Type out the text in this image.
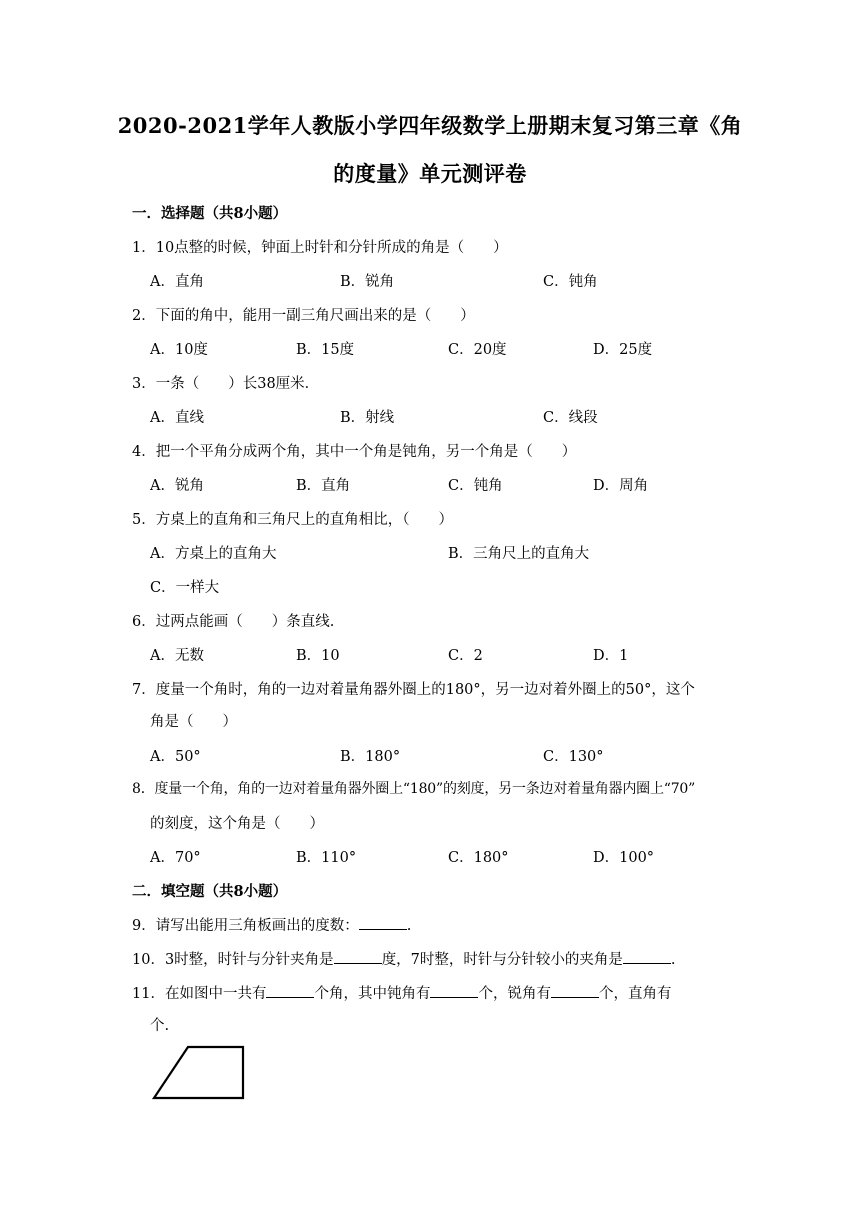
2020-2021学年人教版小学四年级数学上册期末复习第三章《角
的度量》单元测评卷
一．选择题（共8小题）
1．10点整的时候，钟面上时针和分针所成的角是（　　）
A．直角	B．锐角	C．钝角
2．下面的角中，能用一副三角尺画出来的是（　　）
A．10度	B．15度	C．20度	D．25度
3．一条（　　）长38厘米．
A．直线	B．射线	C．线段
4．把一个平角分成两个角，其中一个角是钝角，另一个角是（　　）
A．锐角	B．直角	C．钝角	D．周角
5．方桌上的直角和三角尺上的直角相比，（　　）
A．方桌上的直角大	B．三角尺上的直角大
C．一样大
6．过两点能画（　　）条直线.
A．无数	B．10	C．2	D．1
7．度量一个角时，角的一边对着量角器外圈上的180°，另一边对着外圈上的50°，这个
角是（　　）
A．50°	B．180°	C．130°
8．度量一个角，角的一边对着量角器外圈上“180”的刻度，另一条边对着量角器内圈上“70”
的刻度，这个角是（　　）
A．70°	B．110°	C．180°	D．100°
二．填空题（共8小题）
9．请写出能用三角板画出的度数：	.
10．3时整，时针与分针夹角是	度，7时整，时针与分针较小的夹角是	.
11．在如图中一共有	个角，其中钝角有	个，锐角有	个，直角有
个.
